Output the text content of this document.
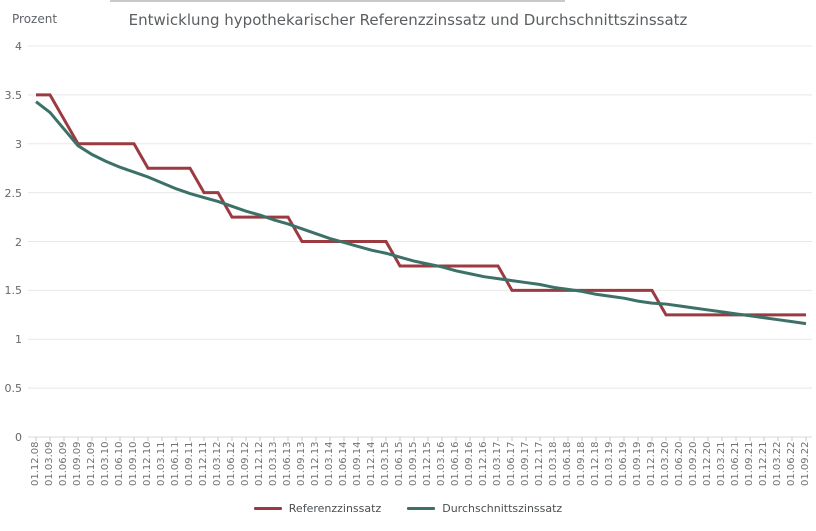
Prozent	Entwicklung hypothekarischer Referenzzinssatz und Durchschnittszinssatz
0
0.5
1
1.5
2
2.5
3
3.5
4
01.12.08 01.03.09 01.06.09 01.09.09 01.12.09 01.03.10 01.06.10 01.09.10 01.12.10 01.03.11 01.06.11 01.09.11 01.12.11 01.03.12 01.06.12 01.09.12 01.12.12 01.03.13 01.06.13 01.09.13 01.12.13 01.03.14 01.06.14 01.09.14 01.12.14 01.03.15 01.06.15 01.09.15 01.12.15 01.03.16 01.06.16 01.09.16 01.12.16 01.03.17 01.06.17 01.09.17 01.12.17 01.03.18 01.06.18 01.09.18 01.12.18 01.03.19 01.06.19 01.09.19 01.12.19 01.03.20 01.06.20 01.09.20 01.12.20 01.03.21 01.06.21 01.09.21 01.12.21 01.03.22 01.06.22 01.09.22
Referenzzinssatz	Durchschnittszinssatz
